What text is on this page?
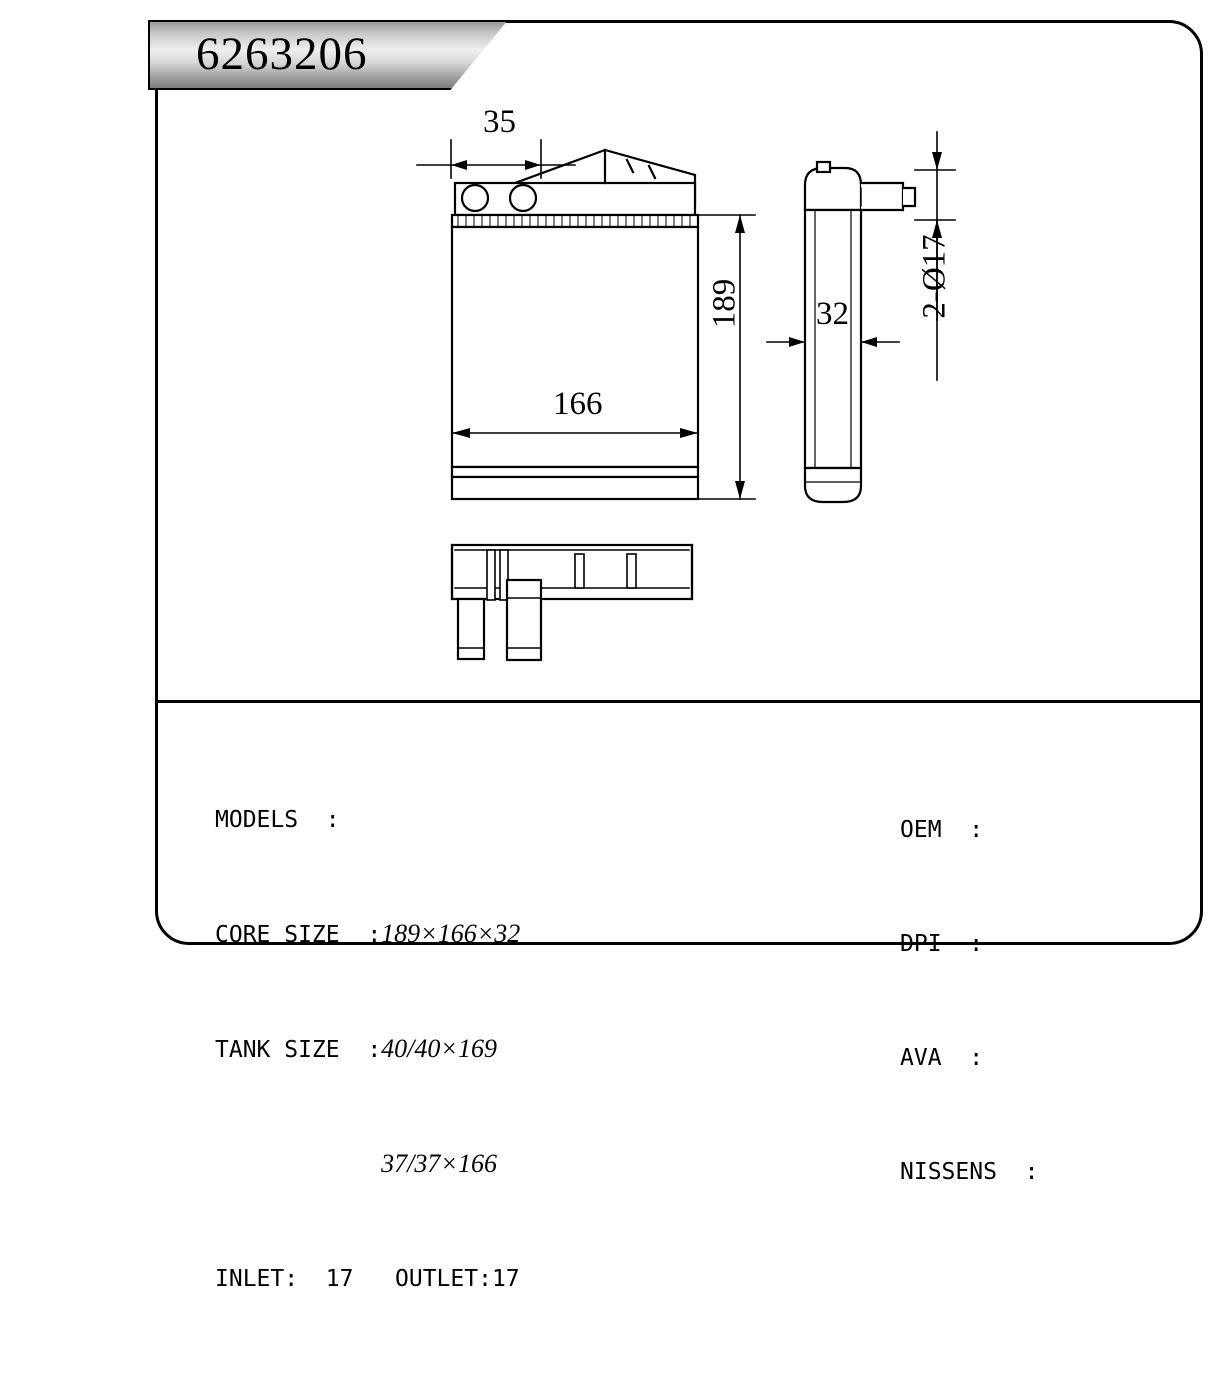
6263206
35
189
166
32 2-Ø17

MODELS  :

CORE SIZE  :189×166×32

TANK SIZE  :40/40×169

37/37×166

INLET:  17   OUTLET:17

OEM  :

DPI  :

AVA  :

NISSENS  :
